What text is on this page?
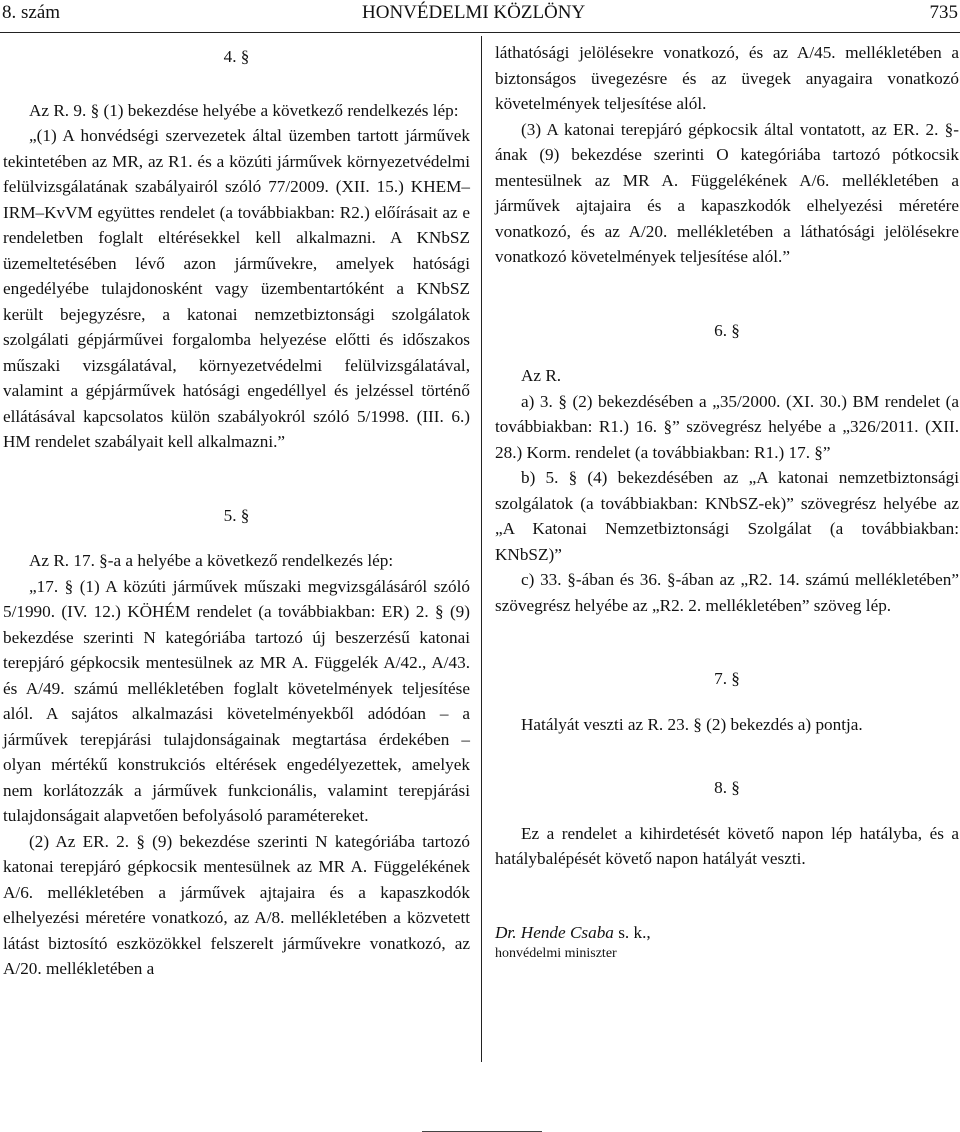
8. szám	HONVÉDELMI KÖZLÖNY	735

4. §

Az R. 9. § (1) bekezdése helyébe a következő rendelkezés lép:

„(1) A honvédségi szervezetek által üzemben tartott járművek tekintetében az MR, az R1. és a közúti járművek környezetvédelmi felülvizsgálatának szabályairól szóló 77/2009. (XII. 15.) KHEM–IRM–KvVM együttes rendelet (a továbbiakban: R2.) előírásait az e rendeletben foglalt eltérésekkel kell alkalmazni. A KNbSZ üzemeltetésében lévő azon járművekre, amelyek hatósági engedélyébe tulajdonosként vagy üzembentartóként a KNbSZ került bejegyzésre, a katonai nemzetbiztonsági szolgálatok szolgálati gépjárművei forgalomba helyezése előtti és időszakos műszaki vizsgálatával, környezetvédelmi felülvizsgálatával, valamint a gépjárművek hatósági engedéllyel és jelzéssel történő ellátásával kapcsolatos külön szabályokról szóló 5/1998. (III. 6.) HM rendelet szabályait kell alkalmazni.”

5. §

Az R. 17. §-a a helyébe a következő rendelkezés lép:

„17. § (1) A közúti járművek műszaki megvizsgálásáról szóló 5/1990. (IV. 12.) KÖHÉM rendelet (a továbbiakban: ER) 2. § (9) bekezdése szerinti N kategóriába tartozó új beszerzésű katonai terepjáró gépkocsik mentesülnek az MR A. Függelék A/42., A/43. és A/49. számú mellékletében foglalt követelmények teljesítése alól. A sajátos alkalmazási követelményekből adódóan – a járművek terepjárási tulajdonságainak megtartása érdekében – olyan mértékű konstrukciós eltérések engedélyezettek, amelyek nem korlátozzák a járművek funkcionális, valamint terepjárási tulajdonságait alapvetően befolyásoló paramétereket.

(2) Az ER. 2. § (9) bekezdése szerinti N kategóriába tartozó katonai terepjáró gépkocsik mentesülnek az MR A. Függelékének A/6. mellékletében a járművek ajtajaira és a kapaszkodók elhelyezési méretére vonatkozó, az A/8. mellékletében a közvetett látást biztosító eszközökkel felszerelt járművekre vonatkozó, az A/20. mellékletében a

láthatósági jelölésekre vonatkozó, és az A/45. mellékletében a biztonságos üvegezésre és az üvegek anyagaira vonatkozó követelmények teljesítése alól.

(3) A katonai terepjáró gépkocsik által vontatott, az ER. 2. §-ának (9) bekezdése szerinti O kategóriába tartozó pótkocsik mentesülnek az MR A. Függelékének A/6. mellékletében a járművek ajtajaira és a kapaszkodók elhelyezési méretére vonatkozó, és az A/20. mellékletében a láthatósági jelölésekre vonatkozó követelmények teljesítése alól.”

6. §

Az R.

a) 3. § (2) bekezdésében a „35/2000. (XI. 30.) BM rendelet (a továbbiakban: R1.) 16. §” szövegrész helyébe a „326/2011. (XII. 28.) Korm. rendelet (a továbbiakban: R1.) 17. §”

b) 5. § (4) bekezdésében az „A katonai nemzetbiztonsági szolgálatok (a továbbiakban: KNbSZ-ek)” szövegrész helyébe az „A Katonai Nemzetbiztonsági Szolgálat (a továbbiakban: KNbSZ)”

c) 33. §-ában és 36. §-ában az „R2. 14. számú mellékletében” szövegrész helyébe az „R2. 2. mellékletében” szöveg lép.

7. §

Hatályát veszti az R. 23. § (2) bekezdés a) pontja.

8. §

Ez a rendelet a kihirdetését követő napon lép hatályba, és a hatálybalépését követő napon hatályát veszti.

Dr. Hende Csaba s. k.,

honvédelmi miniszter
